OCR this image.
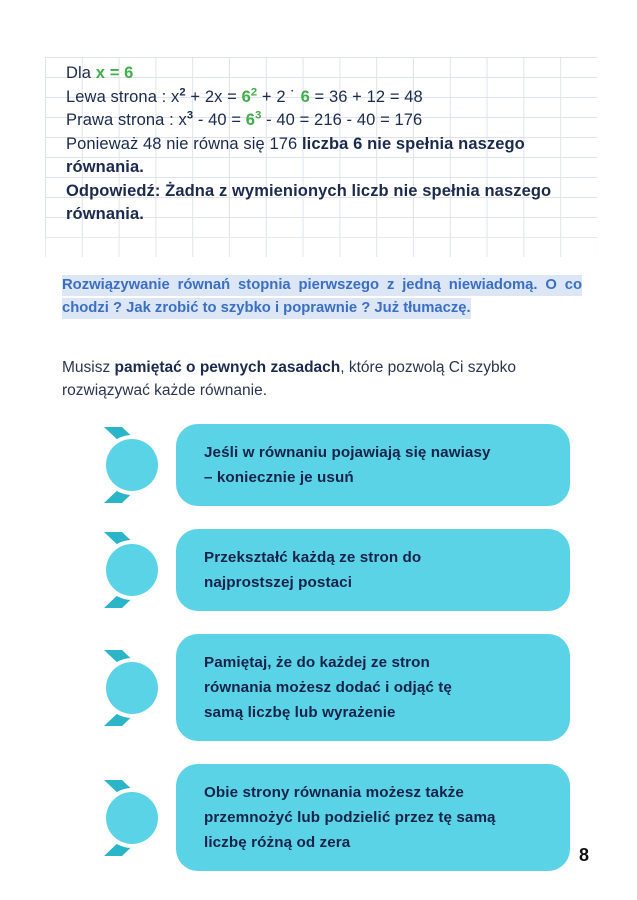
Dla x = 6
Lewa strona : $x^2 + 2x = 6^2 + 2$ ˙ 6 = 36 + 12 = 48
Prawa strona : $x^3 - 40 = 6^3 - 40 = 216 - 40 = 176$
Ponieważ 48 nie równa się 176 liczba 6 nie spełnia naszego równania.
Odpowiedź: Żadna z wymienionych liczb nie spełnia naszego równania.
Rozwiązywanie równań stopnia pierwszego z jedną niewiadomą. O co chodzi ? Jak zrobić to szybko i poprawnie ? Już tłumaczę.
Musisz pamiętać o pewnych zasadach, które pozwolą Ci szybko rozwiązywać każde równanie.

Jeśli w równaniu pojawiają się nawiasy

– koniecznie je usuń

Przekształć każdą ze stron do

najprostszej postaci

Pamiętaj, że do każdej ze stron

równania możesz dodać i odjąć tę

samą liczbę lub wyrażenie

Obie strony równania możesz także

przemnożyć lub podzielić przez tę samą

liczbę różną od zera

8
